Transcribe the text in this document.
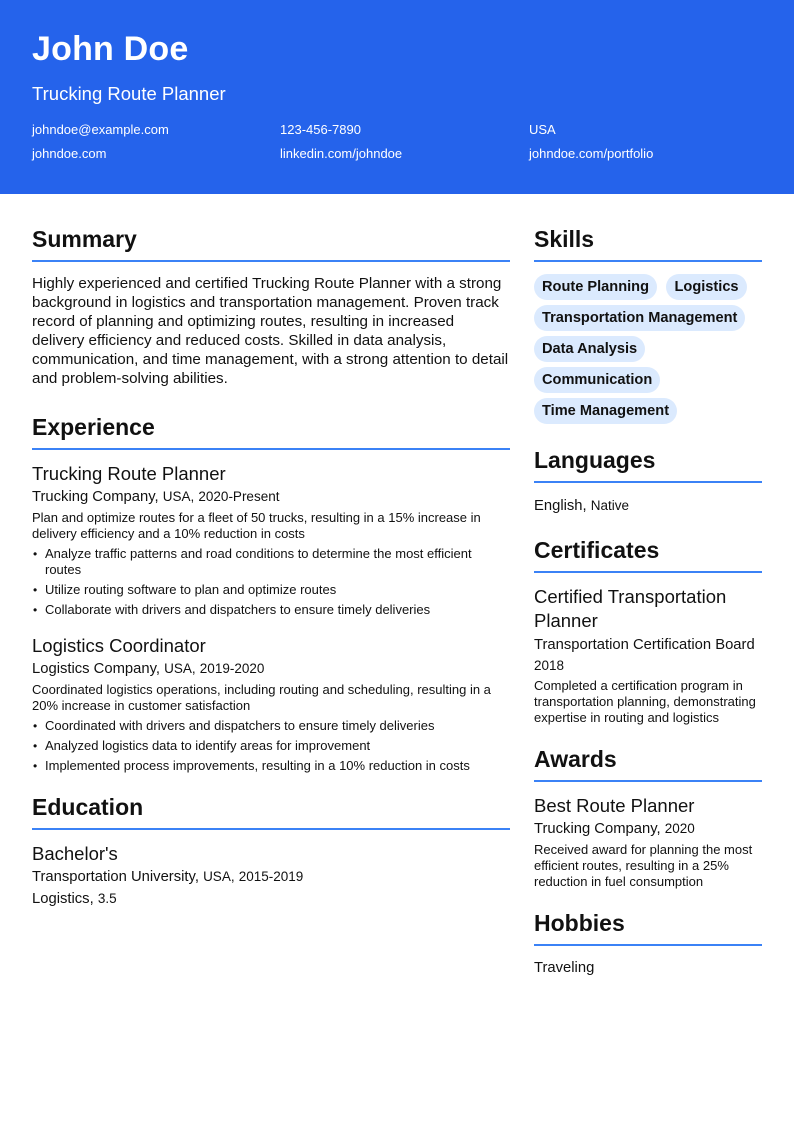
John Doe
Trucking Route Planner
johndoe@example.com	123-456-7890	USA
johndoe.com	linkedin.com/johndoe	johndoe.com/portfolio
Summary

Highly experienced and certified Trucking Route Planner with a strong background in logistics and transportation management. Proven track record of planning and optimizing routes, resulting in increased delivery efficiency and reduced costs. Skilled in data analysis, communication, and time management, with a strong attention to detail and problem-solving abilities.

Experience
Trucking Route Planner
Trucking Company, USA, 2020-Present
Plan and optimize routes for a fleet of 50 trucks, resulting in a 15% increase in delivery efficiency and a 10% reduction in costs
• Analyze traffic patterns and road conditions to determine the most efficient routes
• Utilize routing software to plan and optimize routes
• Collaborate with drivers and dispatchers to ensure timely deliveries
Logistics Coordinator
Logistics Company, USA, 2019-2020
Coordinated logistics operations, including routing and scheduling, resulting in a 20% increase in customer satisfaction
• Coordinated with drivers and dispatchers to ensure timely deliveries
• Analyzed logistics data to identify areas for improvement
• Implemented process improvements, resulting in a 10% reduction in costs
Education
Bachelor's
Transportation University, USA, 2015-2019
Logistics, 3.5
Skills
Route Planning Logistics Transportation Management Data Analysis
Communication
Time Management
Languages
English, Native
Certificates
Certified Transportation Planner
Transportation Certification Board
2018
Completed a certification program in transportation planning, demonstrating expertise in routing and logistics
Awards
Best Route Planner
Trucking Company, 2020
Received award for planning the most efficient routes, resulting in a 25% reduction in fuel consumption
Hobbies
Traveling
